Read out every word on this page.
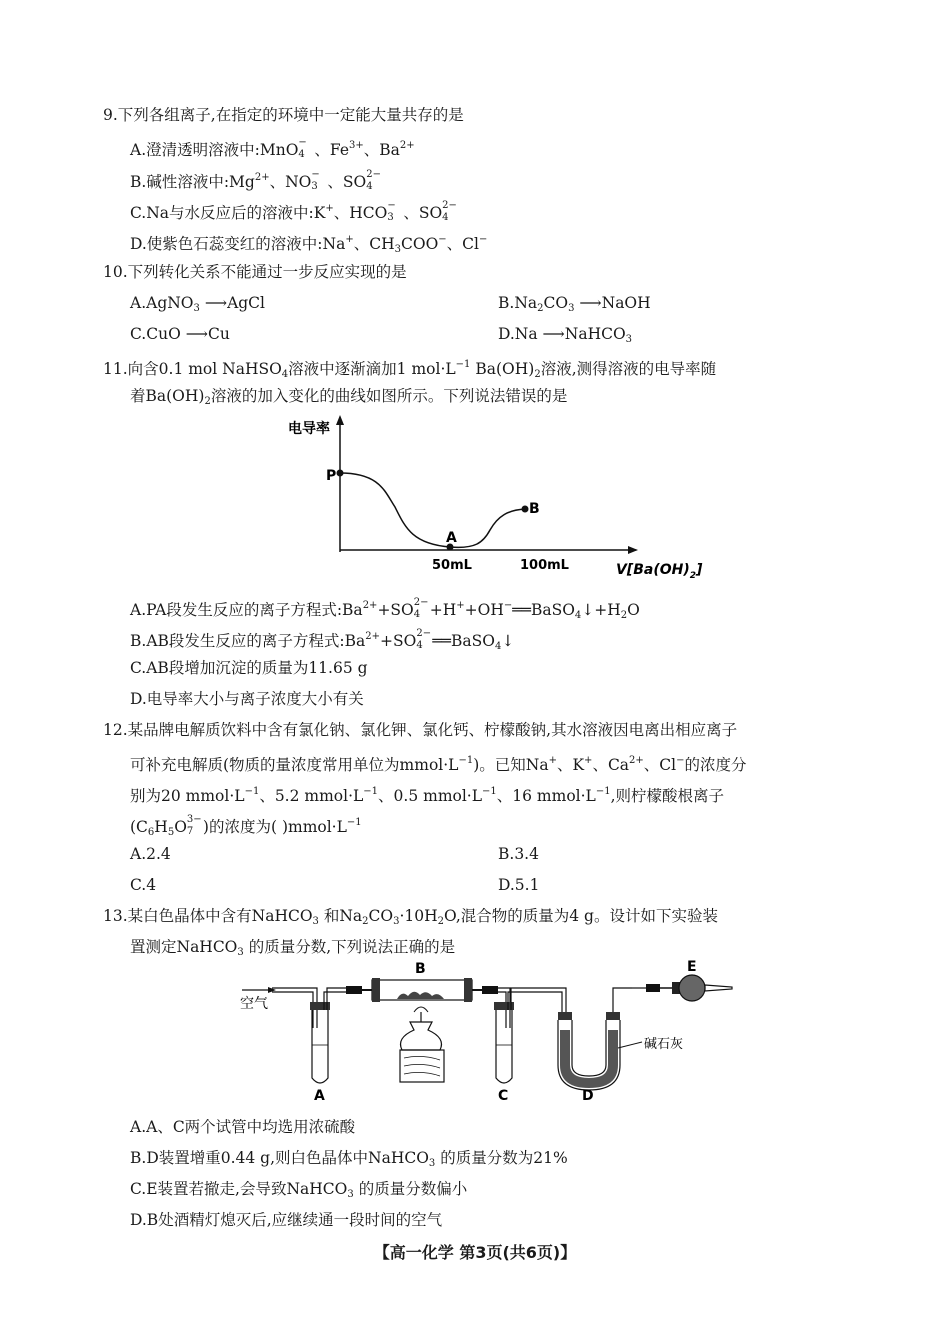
9.下列各组离子,在指定的环境中一定能大量共存的是
A.澄清透明溶液中:MnO −
4 、$Fe^{3+}$、$Ba^{2+}$
B.碱性溶液中$:Mg^{2+}$、NO −
3 、SO 2−
4
C.Na与水反应后的溶液中:K+、HCO −
3 、SO 2−
4
D.使紫色石蕊变红的溶液中:Na+、$CH_3COO^-$、Cl−
10.下列转化关系不能通过一步反应实现的是
A.AgNO$_3$ ⟶AgCl	$B.Na_2CO_3$ ⟶NaOH
C.CuO ⟶Cu	D.Na ⟶NaHCO$_3$
11.向含0.1 mol NaHSO$_4$溶液中逐渐滴加1 $mol\cdot L^{-1}$ $Ba(OH)_2$溶液,测得溶液的电导率随
着$Ba(OH)_2$溶液的加入变化的曲线如图所示。下列说法错误的是
电导率
P
A
B
50mL	100mL	$V[Ba(OH)_2]$
A.PA段发生反应的离子方程式$:Ba^{2+}+SO$ 2−
$4 +H^++OH^-══BaSO_4↓+H_2O$
B.AB段发生反应的离子方程式$:Ba^{2+}+SO$ 2−
4 ══BaSO$_4$↓
C.AB段增加沉淀的质量为11.65 g
D.电导率大小与离子浓度大小有关
12.某品牌电解质饮料中含有氯化钠、氯化钾、氯化钙、柠檬酸钠,其水溶液因电离出相应离子
可补充电解质(物质的量浓度常用单位为$mmol\cdot L^{-1}$)。已知Na+、K+、$Ca^{2+}$、Cl−的浓度分
别为20 $mmol\cdot L^{-1}$、5.2 $mmol\cdot L^{-1}$、0.5 $mmol\cdot L^{-1}$、16 $mmol\cdot L^{-1}$,则柠檬酸根离子
($C_6H_5O$ 3−
7 )的浓度为( )$mmol\cdot L^{-1}$
A.2.4	B.3.4
C.4	D.5.1
13.某白色晶体中含有NaHCO$_3$ 和$Na_2CO_3\cdot 10H_2O$,混合物的质量为4 g。设计如下实验装
置测定NaHCO$_3$ 的质量分数,下列说法正确的是
空气
A
B
C	D
碱石灰
E
A.A、C两个试管中均选用浓硫酸
B.D装置增重0.44 g,则白色晶体中NaHCO$_3$ 的质量分数为21%
C.E装置若撤走,会导致NaHCO$_3$ 的质量分数偏小
D.B处酒精灯熄灭后,应继续通一段时间的空气
【高一化学 第3页(共6页)】
